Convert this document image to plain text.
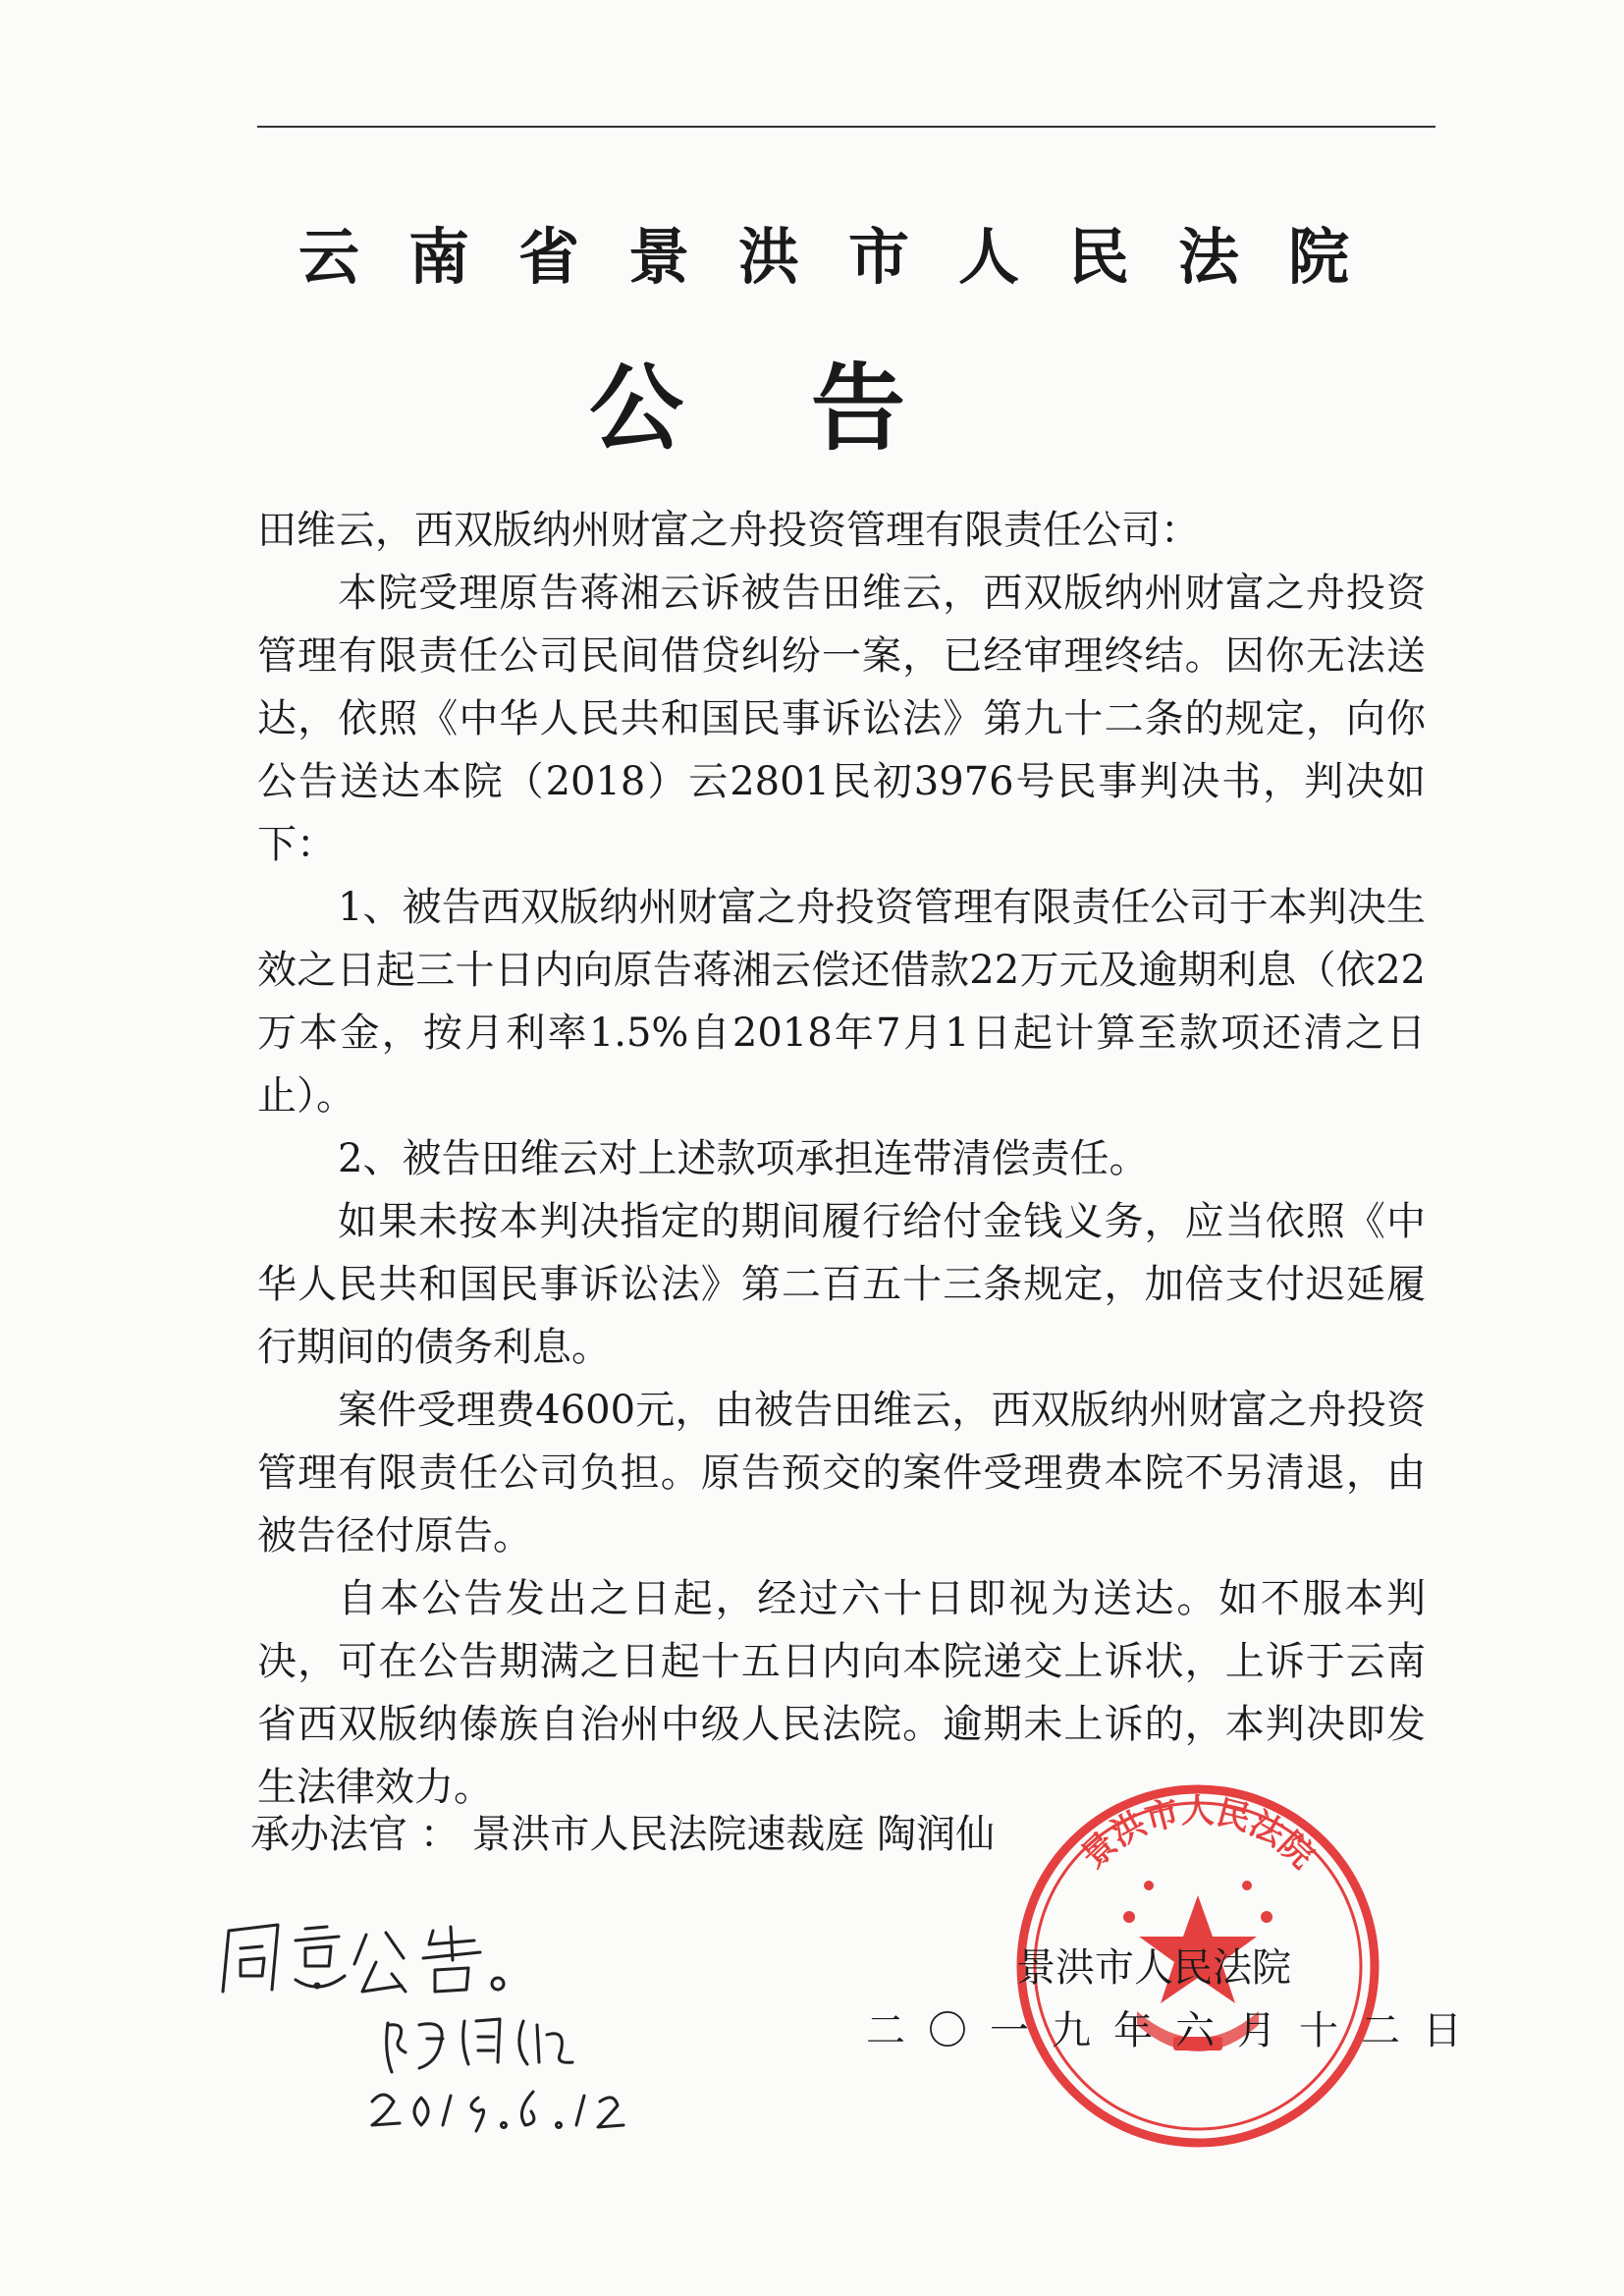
云南省景洪市人民法院
公告

田维云，西双版纳州财富之舟投资管理有限责任公司：

本院受理原告蒋湘云诉被告田维云，西双版纳州财富之舟投资管理有限责任公司民间借贷纠纷一案，已经审理终结。因你无法送达，依照《中华人民共和国民事诉讼法》第九十二条的规定，向你公告送达本院（2018）云2801民初3976号民事判决书，判决如下：

1、被告西双版纳州财富之舟投资管理有限责任公司于本判决生效之日起三十日内向原告蒋湘云偿还借款22万元及逾期利息（依22万本金，按月利率1.5%自2018年7月1日起计算至款项还清之日止）。

2、被告田维云对上述款项承担连带清偿责任。

如果未按本判决指定的期间履行给付金钱义务，应当依照《中华人民共和国民事诉讼法》第二百五十三条规定，加倍支付迟延履行期间的债务利息。

案件受理费4600元，由被告田维云，西双版纳州财富之舟投资管理有限责任公司负担。原告预交的案件受理费本院不另清退，由被告径付原告。

自本公告发出之日起，经过六十日即视为送达。如不服本判决，可在公告期满之日起十五日内向本院递交上诉状，上诉于云南省西双版纳傣族自治州中级人民法院。逾期未上诉的，本判决即发生法律效力。

承办法官 ： 景洪市人民法院速裁庭 陶润仙 景洪市人民法院
景洪市人民法院
二〇一九年六月十二日
